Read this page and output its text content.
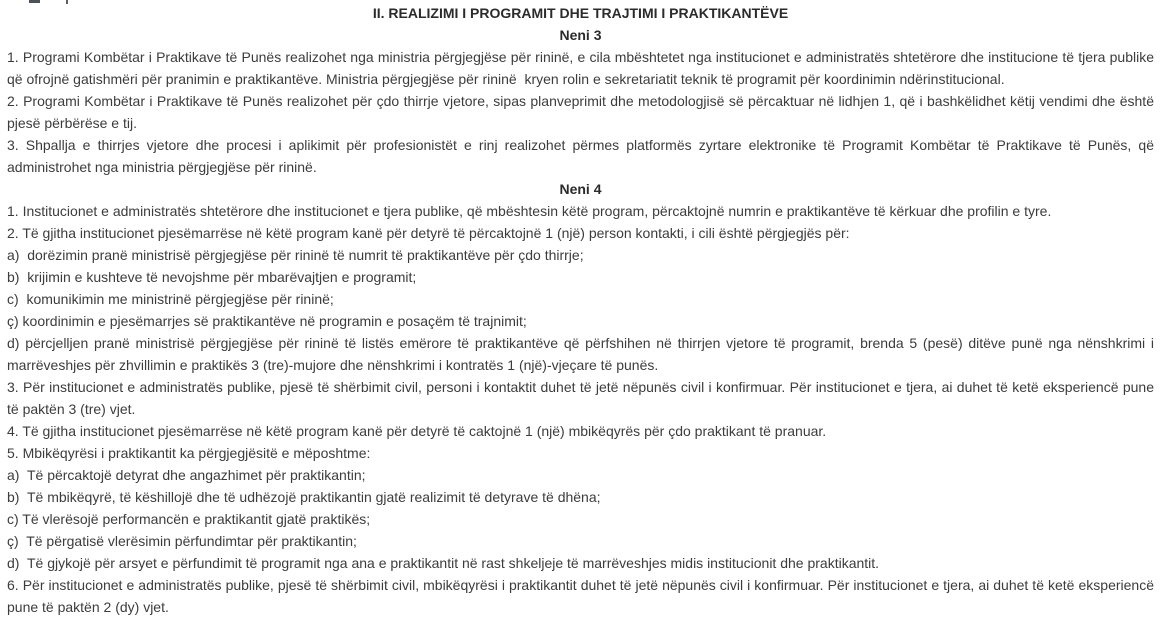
II. REALIZIMI I PROGRAMIT DHE TRAJTIMI I PRAKTIKANTËVE
Neni 3

1. Programi Kombëtar i Praktikave të Punës realizohet nga ministria përgjegjëse për rininë, e cila mbështetet nga institucionet e administratës shtetërore dhe institucione të tjera publike që ofrojnë gatishmëri për pranimin e praktikantëve. Ministria përgjegjëse për rininë  kryen rolin e sekretariatit teknik të programit për koordinimin ndërinstitucional.

2. Programi Kombëtar i Praktikave të Punës realizohet për çdo thirrje vjetore, sipas planveprimit dhe metodologjisë së përcaktuar në lidhjen 1, që i bashkëlidhet këtij vendimi dhe është pjesë përbërëse e tij.

3. Shpallja e thirrjes vjetore dhe procesi i aplikimit për profesionistët e rinj realizohet përmes platformës zyrtare elektronike të Programit Kombëtar të Praktikave të Punës, që administrohet nga ministria përgjegjëse për rininë.

Neni 4

1. Institucionet e administratës shtetërore dhe institucionet e tjera publike, që mbështesin këtë program, përcaktojnë numrin e praktikantëve të kërkuar dhe profilin e tyre.

2. Të gjitha institucionet pjesëmarrëse në këtë program kanë për detyrë të përcaktojnë 1 (një) person kontakti, i cili është përgjegjës për:

a)  dorëzimin pranë ministrisë përgjegjëse për rininë të numrit të praktikantëve për çdo thirrje;

b)  krijimin e kushteve të nevojshme për mbarëvajtjen e programit;

c)  komunikimin me ministrinë përgjegjëse për rininë;

ç) koordinimin e pjesëmarrjes së praktikantëve në programin e posaçëm të trajnimit;

d) përcjelljen pranë ministrisë përgjegjëse për rininë të listës emërore të praktikantëve që përfshihen në thirrjen vjetore të programit, brenda 5 (pesë) ditëve punë nga nënshkrimi i marrëveshjes për zhvillimin e praktikës 3 (tre)-mujore dhe nënshkrimi i kontratës 1 (një)-vjeçare të punës.

3. Për institucionet e administratës publike, pjesë të shërbimit civil, personi i kontaktit duhet të jetë nëpunës civil i konfirmuar. Për institucionet e tjera, ai duhet të ketë eksperiencë pune të paktën 3 (tre) vjet.

4. Të gjitha institucionet pjesëmarrëse në këtë program kanë për detyrë të caktojnë 1 (një) mbikëqyrës për çdo praktikant të pranuar.

5. Mbikëqyrësi i praktikantit ka përgjegjësitë e mëposhtme:

a)  Të përcaktojë detyrat dhe angazhimet për praktikantin;

b)  Të mbikëqyrë, të këshillojë dhe të udhëzojë praktikantin gjatë realizimit të detyrave të dhëna;

c) Të vlerësojë performancën e praktikantit gjatë praktikës;

ç)  Të përgatisë vlerësimin përfundimtar për praktikantin;

d)  Të gjykojë për arsyet e përfundimit të programit nga ana e praktikantit në rast shkeljeje të marrëveshjes midis institucionit dhe praktikantit.

6. Për institucionet e administratës publike, pjesë të shërbimit civil, mbikëqyrësi i praktikantit duhet të jetë nëpunës civil i konfirmuar. Për institucionet e tjera, ai duhet të ketë eksperiencë pune të paktën 2 (dy) vjet.
